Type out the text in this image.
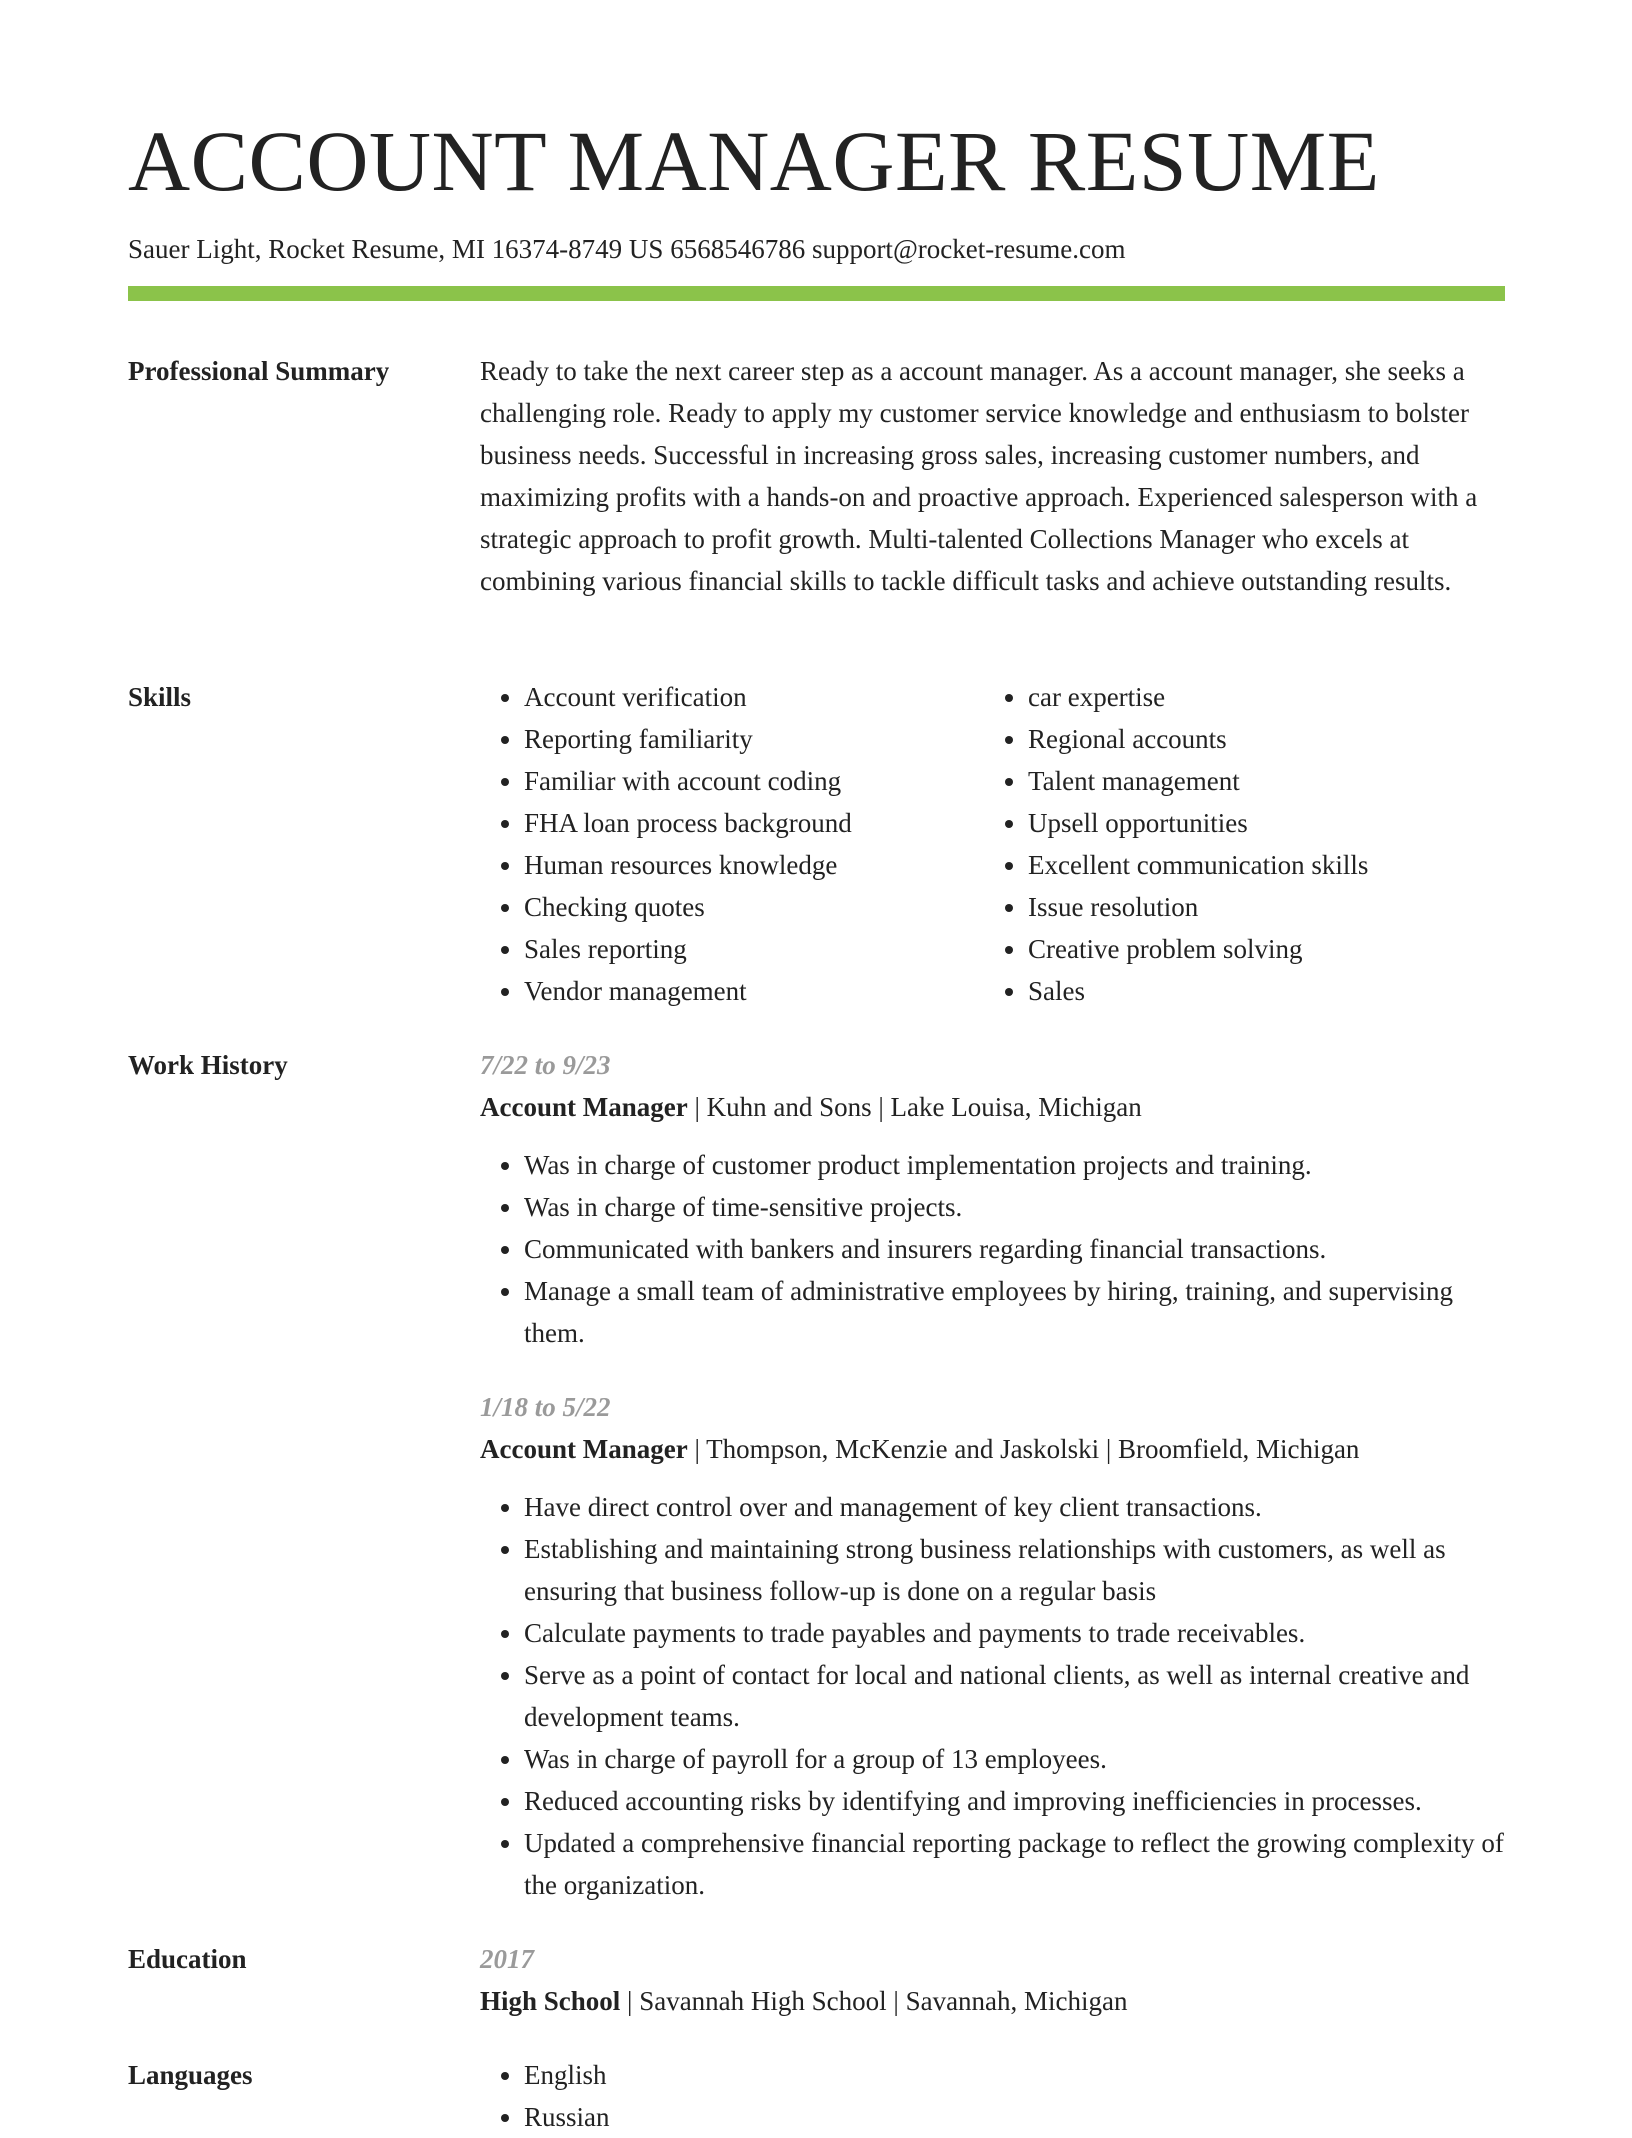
ACCOUNT MANAGER RESUME
Sauer Light, Rocket Resume, MI 16374-8749 US 6568546786 support@rocket-resume.com
Professional Summary	Ready to take the next career step as a account manager. As a account manager, she seeks a challenging role. Ready to apply my customer service knowledge and enthusiasm to bolster business needs. Successful in increasing gross sales, increasing customer numbers, and maximizing profits with a hands-on and proactive approach. Experienced salesperson with a strategic approach to profit growth. Multi-talented Collections Manager who excels at combining various financial skills to tackle difficult tasks and achieve outstanding results.

Skills	• Account verification
• Reporting familiarity
• Familiar with account coding
• FHA loan process background
• Human resources knowledge
• Checking quotes
• Sales reporting
• Vendor management
• car expertise
• Regional accounts
• Talent management
• Upsell opportunities
• Excellent communication skills
• Issue resolution
• Creative problem solving
• Sales
Work History	7/22 to 9/23
Account Manager | Kuhn and Sons | Lake Louisa, Michigan
• Was in charge of customer product implementation projects and training.
• Was in charge of time-sensitive projects.
• Communicated with bankers and insurers regarding financial transactions.
• Manage a small team of administrative employees by hiring, training, and supervising them.
1/18 to 5/22
Account Manager | Thompson, McKenzie and Jaskolski | Broomfield, Michigan
• Have direct control over and management of key client transactions.
• Establishing and maintaining strong business relationships with customers, as well as ensuring that business follow-up is done on a regular basis
• Calculate payments to trade payables and payments to trade receivables.
• Serve as a point of contact for local and national clients, as well as internal creative and development teams.
• Was in charge of payroll for a group of 13 employees.
• Reduced accounting risks by identifying and improving inefficiencies in processes.
• Updated a comprehensive financial reporting package to reflect the growing complexity of the organization.
Education	2017
High School | Savannah High School | Savannah, Michigan
Languages	• English
• Russian
